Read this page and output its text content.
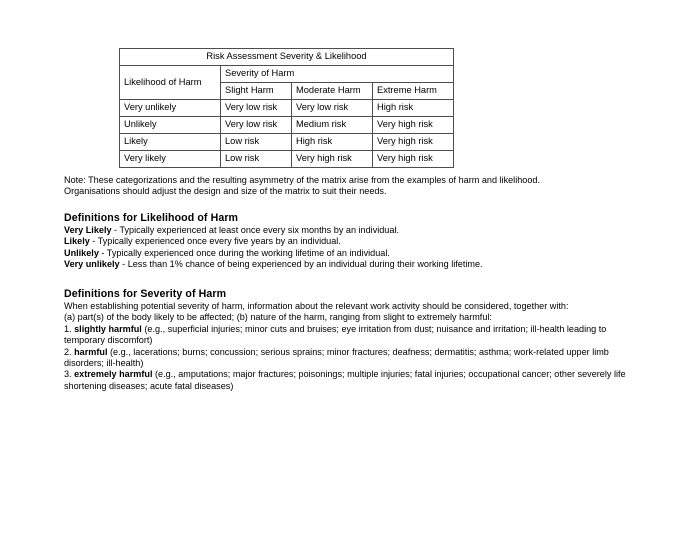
Risk Assessment Severity & Likelihood			
Likelihood of Harm	Severity of Harm		
	Slight Harm	Moderate Harm	Extreme Harm
Very unlikely	Very low risk	Very low risk	High risk
Unlikely	Very low risk	Medium risk	Very high risk
Likely	Low risk	High risk	Very high risk
Very likely	Low risk	Very high risk	Very high risk

Note: These categorizations and the resulting asymmetry of the matrix arise from the examples of harm and likelihood.

Organisations should adjust the design and size of the matrix to suit their needs.

Definitions for Likelihood of Harm

Very Likely - Typically experienced at least once every six months by an individual.

Likely - Typically experienced once every five years by an individual.

Unlikely - Typically experienced once during the working lifetime of an individual.

Very unlikely - Less than 1% chance of being experienced by an individual during their working lifetime.

Definitions for Severity of Harm

When establishing potential severity of harm, information about the relevant work activity should be considered, together with:

(a) part(s) of the body likely to be affected; (b) nature of the harm, ranging from slight to extremely harmful:

1. slightly harmful (e.g., superficial injuries; minor cuts and bruises; eye irritation from dust; nuisance and irritation; ill-health leading to temporary discomfort)

2. harmful (e.g., lacerations; burns; concussion; serious sprains; minor fractures; deafness; dermatitis; asthma; work-related upper limb disorders; ill-health)

3. extremely harmful (e.g., amputations; major fractures; poisonings; multiple injuries; fatal injuries; occupational cancer; other severely life shortening diseases; acute fatal diseases)
